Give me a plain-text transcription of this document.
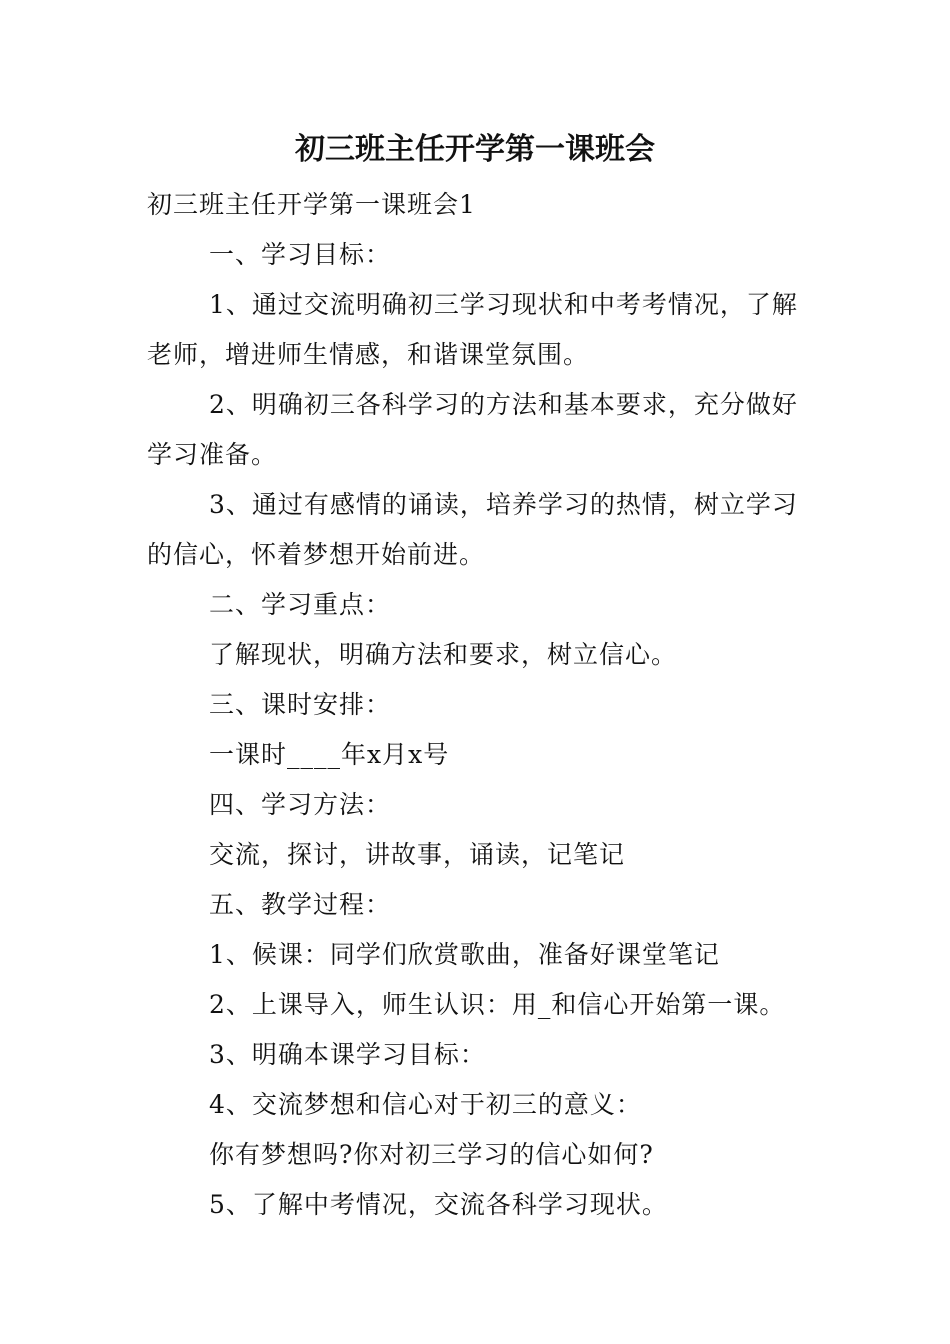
初三班主任开学第一课班会

初三班主任开学第一课班会1

一、学习目标：

1、通过交流明确初三学习现状和中考考情况，了解老师，增进师生情感，和谐课堂氛围。

2、明确初三各科学习的方法和基本要求，充分做好学习准备。

3、通过有感情的诵读，培养学习的热情，树立学习的信心，怀着梦想开始前进。

二、学习重点：

了解现状，明确方法和要求，树立信心。

三、课时安排：

一课时____年x月x号

四、学习方法：

交流，探讨，讲故事，诵读，记笔记

五、教学过程：

1、候课：同学们欣赏歌曲，准备好课堂笔记

2、上课导入，师生认识：用_和信心开始第一课。

3、明确本课学习目标：

4、交流梦想和信心对于初三的意义：

你有梦想吗?你对初三学习的信心如何?

5、了解中考情况，交流各科学习现状。
